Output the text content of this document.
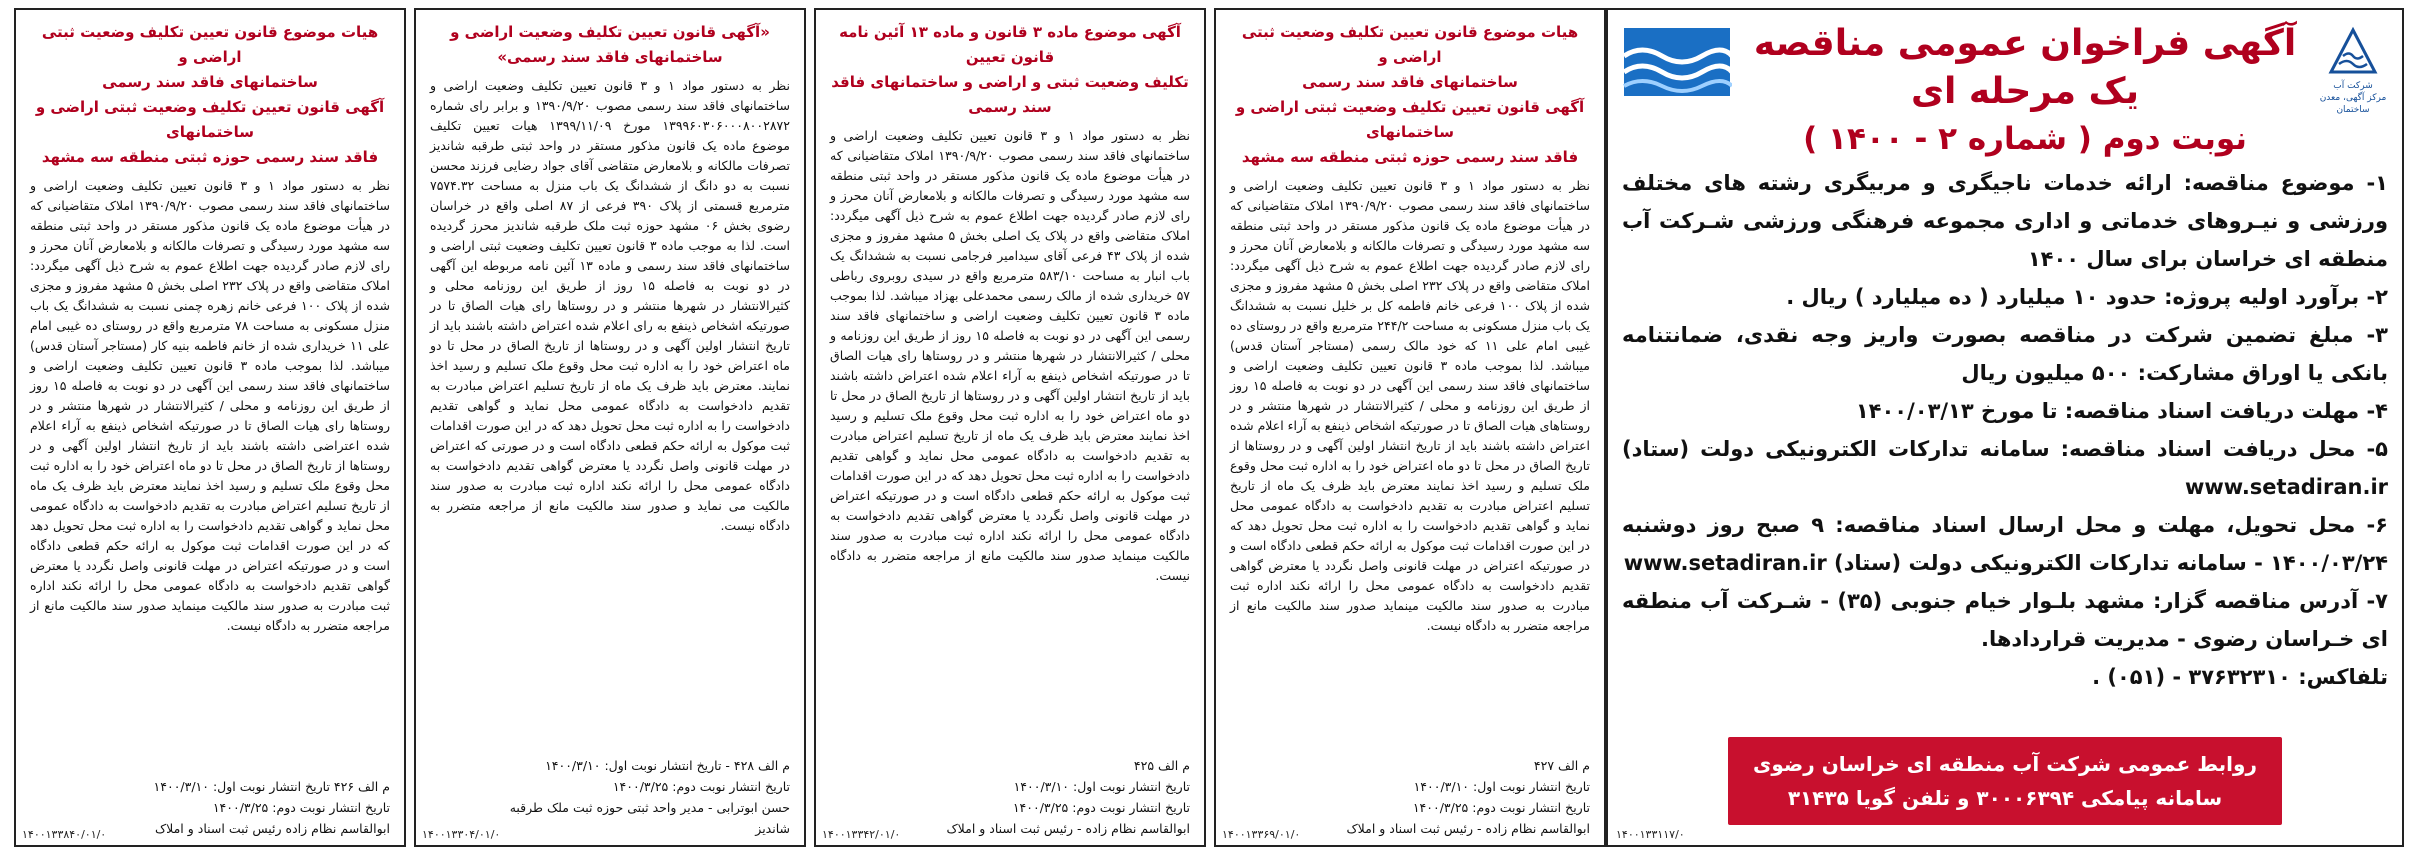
هیات موضوع قانون تعیین تکلیف وضعیت ثبتی اراضی و
ساختمانهای فاقد سند رسمی
آگهی قانون تعیین تکلیف وضعیت ثبتی اراضی و ساختمانهای
فاقد سند رسمی حوزه ثبتی منطقه سه مشهد

نظر به دستور مواد ۱ و ۳ قانون تعیین تکلیف وضعیت اراضی و ساختمانهای فاقد سند رسمی مصوب ۱۳۹۰/۹/۲۰ املاک متقاضیانی که در هیأت موضوع ماده یک قانون مذکور مستقر در واحد ثبتی منطقه سه مشهد مورد رسیدگی و تصرفات مالکانه و بلامعارض آنان محرز و رای لازم صادر گردیده جهت اطلاع عموم به شرح ذیل آگهی میگردد: املاک متقاضی واقع در پلاک ۲۳۲ اصلی بخش ۵ مشهد مفروز و مجزی شده از پلاک ۱۰۰ فرعی خانم زهره چمنی نسبت به ششدانگ یک باب منزل مسکونی به مساحت ۷۸ مترمربع واقع در روستای ده غیبی امام علی ۱۱ خریداری شده از خانم فاطمه بنیه کار (مستاجر آستان قدس) میباشد. لذا بموجب ماده ۳ قانون تعیین تکلیف وضعیت اراضی و ساختمانهای فاقد سند رسمی این آگهی در دو نوبت به فاصله ۱۵ روز از طریق این روزنامه و محلی / کثیرالانتشار در شهرها منتشر و در روستاها رای هیات الصاق تا در صورتیکه اشخاص ذینفع به آراء اعلام شده اعتراضی داشته باشند باید از تاریخ انتشار اولین آگهی و در روستاها از تاریخ الصاق در محل تا دو ماه اعتراض خود را به اداره ثبت محل وقوع ملک تسلیم و رسید اخذ نمایند معترض باید ظرف یک ماه از تاریخ تسلیم اعتراض مبادرت به تقدیم دادخواست به دادگاه عمومی محل نماید و گواهی تقدیم دادخواست را به اداره ثبت محل تحویل دهد که در این صورت اقدامات ثبت موکول به ارائه حکم قطعی دادگاه است و در صورتیکه اعتراض در مهلت قانونی واصل نگردد یا معترض گواهی تقدیم دادخواست به دادگاه عمومی محل را ارائه نکند اداره ثبت مبادرت به صدور سند مالکیت مینماید صدور سند مالکیت مانع از مراجعه متضرر به دادگاه نیست.

م الف ۴۲۶ تاریخ انتشار نوبت اول: ۱۴۰۰/۳/۱۰
تاریخ انتشار نوبت دوم: ۱۴۰۰/۳/۲۵
ابوالقاسم نظام زاده رئیس ثبت اسناد و املاک
۱۴۰۰۱۳۳۸۴۰/۰۱/۰
«آگهی قانون تعیین تکلیف وضعیت اراضی و
ساختمانهای فاقد سند رسمی»

نظر به دستور مواد ۱ و ۳ قانون تعیین تکلیف وضعیت اراضی و ساختمانهای فاقد سند رسمی مصوب ۱۳۹۰/۹/۲۰ و برابر رای شماره ۱۳۹۹۶۰۳۰۶۰۰۰۸۰۰۲۸۷۲ مورخ ۱۳۹۹/۱۱/۰۹ هیات تعیین تکلیف موضوع ماده یک قانون مذکور مستقر در واحد ثبتی طرقبه شاندیز تصرفات مالکانه و بلامعارض متقاضی آقای جواد رضایی فرزند محسن نسبت به دو دانگ از ششدانگ یک باب منزل به مساحت ۷۵۷۴.۳۲ مترمربع قسمتی از پلاک ۳۹۰ فرعی از ۸۷ اصلی واقع در خراسان رضوی بخش ۰۶ مشهد حوزه ثبت ملک طرقبه شاندیز محرز گردیده است. لذا به موجب ماده ۳ قانون تعیین تکلیف وضعیت ثبتی اراضی و ساختمانهای فاقد سند رسمی و ماده ۱۳ آئین نامه مربوطه این آگهی در دو نوبت به فاصله ۱۵ روز از طریق این روزنامه محلی و کثیرالانتشار در شهرها منتشر و در روستاها رای هیات الصاق تا در صورتیکه اشخاص ذینفع به رای اعلام شده اعتراض داشته باشند باید از تاریخ انتشار اولین آگهی و در روستاها از تاریخ الصاق در محل تا دو ماه اعتراض خود را به اداره ثبت محل وقوع ملک تسلیم و رسید اخذ نمایند. معترض باید ظرف یک ماه از تاریخ تسلیم اعتراض مبادرت به تقدیم دادخواست به دادگاه عمومی محل نماید و گواهی تقدیم دادخواست را به اداره ثبت محل تحویل دهد که در این صورت اقدامات ثبت موکول به ارائه حکم قطعی دادگاه است و در صورتی که اعتراض در مهلت قانونی واصل نگردد یا معترض گواهی تقدیم دادخواست به دادگاه عمومی محل را ارائه نکند اداره ثبت مبادرت به صدور سند مالکیت می نماید و صدور سند مالکیت مانع از مراجعه متضرر به دادگاه نیست.

م الف ۴۲۸ - تاریخ انتشار نوبت اول: ۱۴۰۰/۳/۱۰
تاریخ انتشار نوبت دوم: ۱۴۰۰/۳/۲۵
حسن ابوترابی - مدیر واحد ثبتی حوزه ثبت ملک طرقبه
شاندیز
۱۴۰۰۱۳۳۰۴/۰۱/۰
آگهی موضوع ماده ۳ قانون و ماده ۱۳ آئین نامه قانون تعیین
تکلیف وضعیت ثبتی و اراضی و ساختمانهای فاقد سند رسمی

نظر به دستور مواد ۱ و ۳ قانون تعیین تکلیف وضعیت اراضی و ساختمانهای فاقد سند رسمی مصوب ۱۳۹۰/۹/۲۰ املاک متقاضیانی که در هیأت موضوع ماده یک قانون مذکور مستقر در واحد ثبتی منطقه سه مشهد مورد رسیدگی و تصرفات مالکانه و بلامعارض آنان محرز و رای لازم صادر گردیده جهت اطلاع عموم به شرح ذیل آگهی میگردد: املاک متقاضی واقع در پلاک یک اصلی بخش ۵ مشهد مفروز و مجزی شده از پلاک ۴۳ فرعی آقای سیدامیر فرجامی نسبت به ششدانگ یک باب انبار به مساحت ۵۸۳/۱۰ مترمربع واقع در سیدی روبروی رباطی ۵۷ خریداری شده از مالک رسمی محمدعلی بهزاد میباشد. لذا بموجب ماده ۳ قانون تعیین تکلیف وضعیت اراضی و ساختمانهای فاقد سند رسمی این آگهی در دو نوبت به فاصله ۱۵ روز از طریق این روزنامه و محلی / کثیرالانتشار در شهرها منتشر و در روستاها رای هیات الصاق تا در صورتیکه اشخاص ذینفع به آراء اعلام شده اعتراض داشته باشند باید از تاریخ انتشار اولین آگهی و در روستاها از تاریخ الصاق در محل تا دو ماه اعتراض خود را به اداره ثبت محل وقوع ملک تسلیم و رسید اخذ نمایند معترض باید ظرف یک ماه از تاریخ تسلیم اعتراض مبادرت به تقدیم دادخواست به دادگاه عمومی محل نماید و گواهی تقدیم دادخواست را به اداره ثبت محل تحویل دهد که در این صورت اقدامات ثبت موکول به ارائه حکم قطعی دادگاه است و در صورتیکه اعتراض در مهلت قانونی واصل نگردد یا معترض گواهی تقدیم دادخواست به دادگاه عمومی محل را ارائه نکند اداره ثبت مبادرت به صدور سند مالکیت مینماید صدور سند مالکیت مانع از مراجعه متضرر به دادگاه نیست.

م الف ۴۲۵
تاریخ انتشار نوبت اول: ۱۴۰۰/۳/۱۰
تاریخ انتشار نوبت دوم: ۱۴۰۰/۳/۲۵
ابوالقاسم نظام زاده - رئیس ثبت اسناد و املاک
۱۴۰۰۱۳۳۴۲/۰۱/۰
هیات موضوع قانون تعیین تکلیف وضعیت ثبتی اراضی و
ساختمانهای فاقد سند رسمی
آگهی قانون تعیین تکلیف وضعیت ثبتی اراضی و ساختمانهای
فاقد سند رسمی حوزه ثبتی منطقه سه مشهد

نظر به دستور مواد ۱ و ۳ قانون تعیین تکلیف وضعیت اراضی و ساختمانهای فاقد سند رسمی مصوب ۱۳۹۰/۹/۲۰ املاک متقاضیانی که در هیأت موضوع ماده یک قانون مذکور مستقر در واحد ثبتی منطقه سه مشهد مورد رسیدگی و تصرفات مالکانه و بلامعارض آنان محرز و رای لازم صادر گردیده جهت اطلاع عموم به شرح ذیل آگهی میگردد: املاک متقاضی واقع در پلاک ۲۳۲ اصلی بخش ۵ مشهد مفروز و مجزی شده از پلاک ۱۰۰ فرعی خانم فاطمه کل بر خلیل نسبت به ششدانگ یک باب منزل مسکونی به مساحت ۲۴۴/۲ مترمربع واقع در روستای ده غیبی امام علی ۱۱ که خود مالک رسمی (مستاجر آستان قدس) میباشد. لذا بموجب ماده ۳ قانون تعیین تکلیف وضعیت اراضی و ساختمانهای فاقد سند رسمی این آگهی در دو نوبت به فاصله ۱۵ روز از طریق این روزنامه و محلی / کثیرالانتشار در شهرها منتشر و در روستاهای هیات الصاق تا در صورتیکه اشخاص ذینفع به آراء اعلام شده اعتراض داشته باشند باید از تاریخ انتشار اولین آگهی و در روستاها از تاریخ الصاق در محل تا دو ماه اعتراض خود را به اداره ثبت محل وقوع ملک تسلیم و رسید اخذ نمایند معترض باید ظرف یک ماه از تاریخ تسلیم اعتراض مبادرت به تقدیم دادخواست به دادگاه عمومی محل نماید و گواهی تقدیم دادخواست را به اداره ثبت محل تحویل دهد که در این صورت اقدامات ثبت موکول به ارائه حکم قطعی دادگاه است و در صورتیکه اعتراض در مهلت قانونی واصل نگردد یا معترض گواهی تقدیم دادخواست به دادگاه عمومی محل را ارائه نکند اداره ثبت مبادرت به صدور سند مالکیت مینماید صدور سند مالکیت مانع از مراجعه متضرر به دادگاه نیست.

م الف ۴۲۷
تاریخ انتشار نوبت اول: ۱۴۰۰/۳/۱۰
تاریخ انتشار نوبت دوم: ۱۴۰۰/۳/۲۵
ابوالقاسم نظام زاده - رئیس ثبت اسناد و املاک
۱۴۰۰۱۳۳۶۹/۰۱/۰
شرکت آب
مرکز آگهی، معدن ساختمان
آگهی فراخوان عمومی مناقصه یک مرحله ای
نوبت دوم ( شماره ۲ - ۱۴۰۰ )
۱- موضوع مناقصه: ارائه خدمات ناجیگری و مربیگری رشته های مختلف ورزشی و نیـروهای خدماتی و اداری مجموعه فرهنگی ورزشی شـرکت آب منطقه ای خراسان برای سال ۱۴۰۰
۲- برآورد اولیه پروژه: حدود ۱۰ میلیارد ( ده میلیارد ) ریال .
۳- مبلغ تضمین شرکت در مناقصه بصورت واریز وجه نقدی، ضمانتنامه بانکی یا اوراق مشارکت: ۵۰۰ میلیون ریال
۴- مهلت دریافت اسناد مناقصه: تا مورخ ۱۴۰۰/۰۳/۱۳
۵- محل دریافت اسناد مناقصه: سامانه تدارکات الکترونیکی دولت (ستاد) www.setadiran.ir
۶- محل تحویل، مهلت و محل ارسال اسناد مناقصه: ۹ صبح روز دوشنبه ۱۴۰۰/۰۳/۲۴ - سامانه تدارکات الکترونیکی دولت (ستاد) www.setadiran.ir
۷- آدرس مناقصه گزار: مشهد بلـوار خیام جنوبی (۳۵) - شـرکت آب منطقه ای خـراسان رضوی - مدیریت قراردادها.
تلفاکس: ۳۷۶۳۲۳۱۰ - (۰۵۱) .
روابط عمومی شرکت آب منطقه ای خراسان رضوی
سامانه پیامکی ۳۰۰۰۶۳۹۴ و تلفن گویا ۳۱۴۳۵
۱۴۰۰۱۳۳۱۱۷/۰
